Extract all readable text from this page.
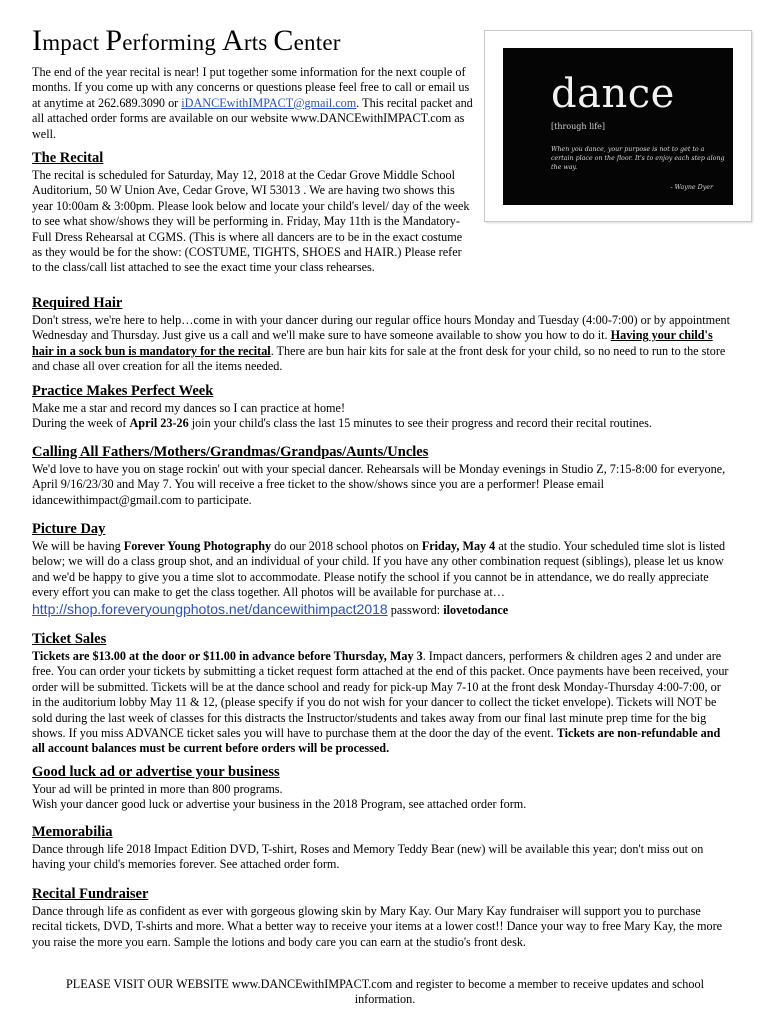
Impact Performing Arts Center
The end of the year recital is near! I put together some information for the next couple of months. If you come up with any concerns or questions please feel free to call or email us at anytime at 262.689.3090 or iDANCEwithIMPACT@gmail.com. This recital packet and all attached order forms are available on our website www.DANCEwithIMPACT.com as well.
dance
[through life]
When you dance, your purpose is not to get to a certain place on the floor. It's to enjoy each step along the way.
- Wayne Dyer
The Recital

The recital is scheduled for Saturday, May 12, 2018 at the Cedar Grove Middle School Auditorium, 50 W Union Ave, Cedar Grove, WI 53013 . We are having two shows this year 10:00am & 3:00pm. Please look below and locate your child's level/ day of the week to see what show/shows they will be performing in. Friday, May 11th is the Mandatory- Full Dress Rehearsal at CGMS. (This is where all dancers are to be in the exact costume as they would be for the show: (COSTUME, TIGHTS, SHOES and HAIR.) Please refer to the class/call list attached to see the exact time your class rehearses.

Required Hair

Don't stress, we're here to help…come in with your dancer during our regular office hours Monday and Tuesday (4:00-7:00) or by appointment Wednesday and Thursday. Just give us a call and we'll make sure to have someone available to show you how to do it. Having your child's hair in a sock bun is mandatory for the recital. There are bun hair kits for sale at the front desk for your child, so no need to run to the store and chase all over creation for all the items needed.

Practice Makes Perfect Week

Make me a star and record my dances so I can practice at home!

During the week of April 23-26 join your child's class the last 15 minutes to see their progress and record their recital routines.

Calling All Fathers/Mothers/Grandmas/Grandpas/Aunts/Uncles

We'd love to have you on stage rockin' out with your special dancer. Rehearsals will be Monday evenings in Studio Z, 7:15-8:00 for everyone, April 9/16/23/30 and May 7. You will receive a free ticket to the show/shows since you are a performer! Please email idancewithimpact@gmail.com to participate.

Picture Day

We will be having Forever Young Photography do our 2018 school photos on Friday, May 4 at the studio. Your scheduled time slot is listed below; we will do a class group shot, and an individual of your child. If you have any other combination request (siblings), please let us know and we'd be happy to give you a time slot to accommodate. Please notify the school if you cannot be in attendance, we do really appreciate every effort you can make to get the class together. All photos will be available for purchase at…

http://shop.foreveryoungphotos.net/dancewithimpact2018 password: ilovetodance

Ticket Sales

Tickets are $13.00 at the door or $11.00 in advance before Thursday, May 3. Impact dancers, performers & children ages 2 and under are free. You can order your tickets by submitting a ticket request form attached at the end of this packet. Once payments have been received, your order will be submitted. Tickets will be at the dance school and ready for pick-up May 7-10 at the front desk Monday-Thursday 4:00-7:00, or in the auditorium lobby May 11 & 12, (please specify if you do not wish for your dancer to collect the ticket envelope). Tickets will NOT be sold during the last week of classes for this distracts the Instructor/students and takes away from our final last minute prep time for the big shows. If you miss ADVANCE ticket sales you will have to purchase them at the door the day of the event. Tickets are non-refundable and all account balances must be current before orders will be processed.

Good luck ad or advertise your business

Your ad will be printed in more than 800 programs.

Wish your dancer good luck or advertise your business in the 2018 Program, see attached order form.

Memorabilia

Dance through life 2018 Impact Edition DVD, T-shirt, Roses and Memory Teddy Bear (new) will be available this year; don't miss out on having your child's memories forever. See attached order form.

Recital Fundraiser

Dance through life as confident as ever with gorgeous glowing skin by Mary Kay. Our Mary Kay fundraiser will support you to purchase recital tickets, DVD, T-shirts and more. What a better way to receive your items at a lower cost!! Dance your way to free Mary Kay, the more you raise the more you earn. Sample the lotions and body care you can earn at the studio's front desk.

PLEASE VISIT OUR WEBSITE www.DANCEwithIMPACT.com and register to become a member to receive updates and school information.
